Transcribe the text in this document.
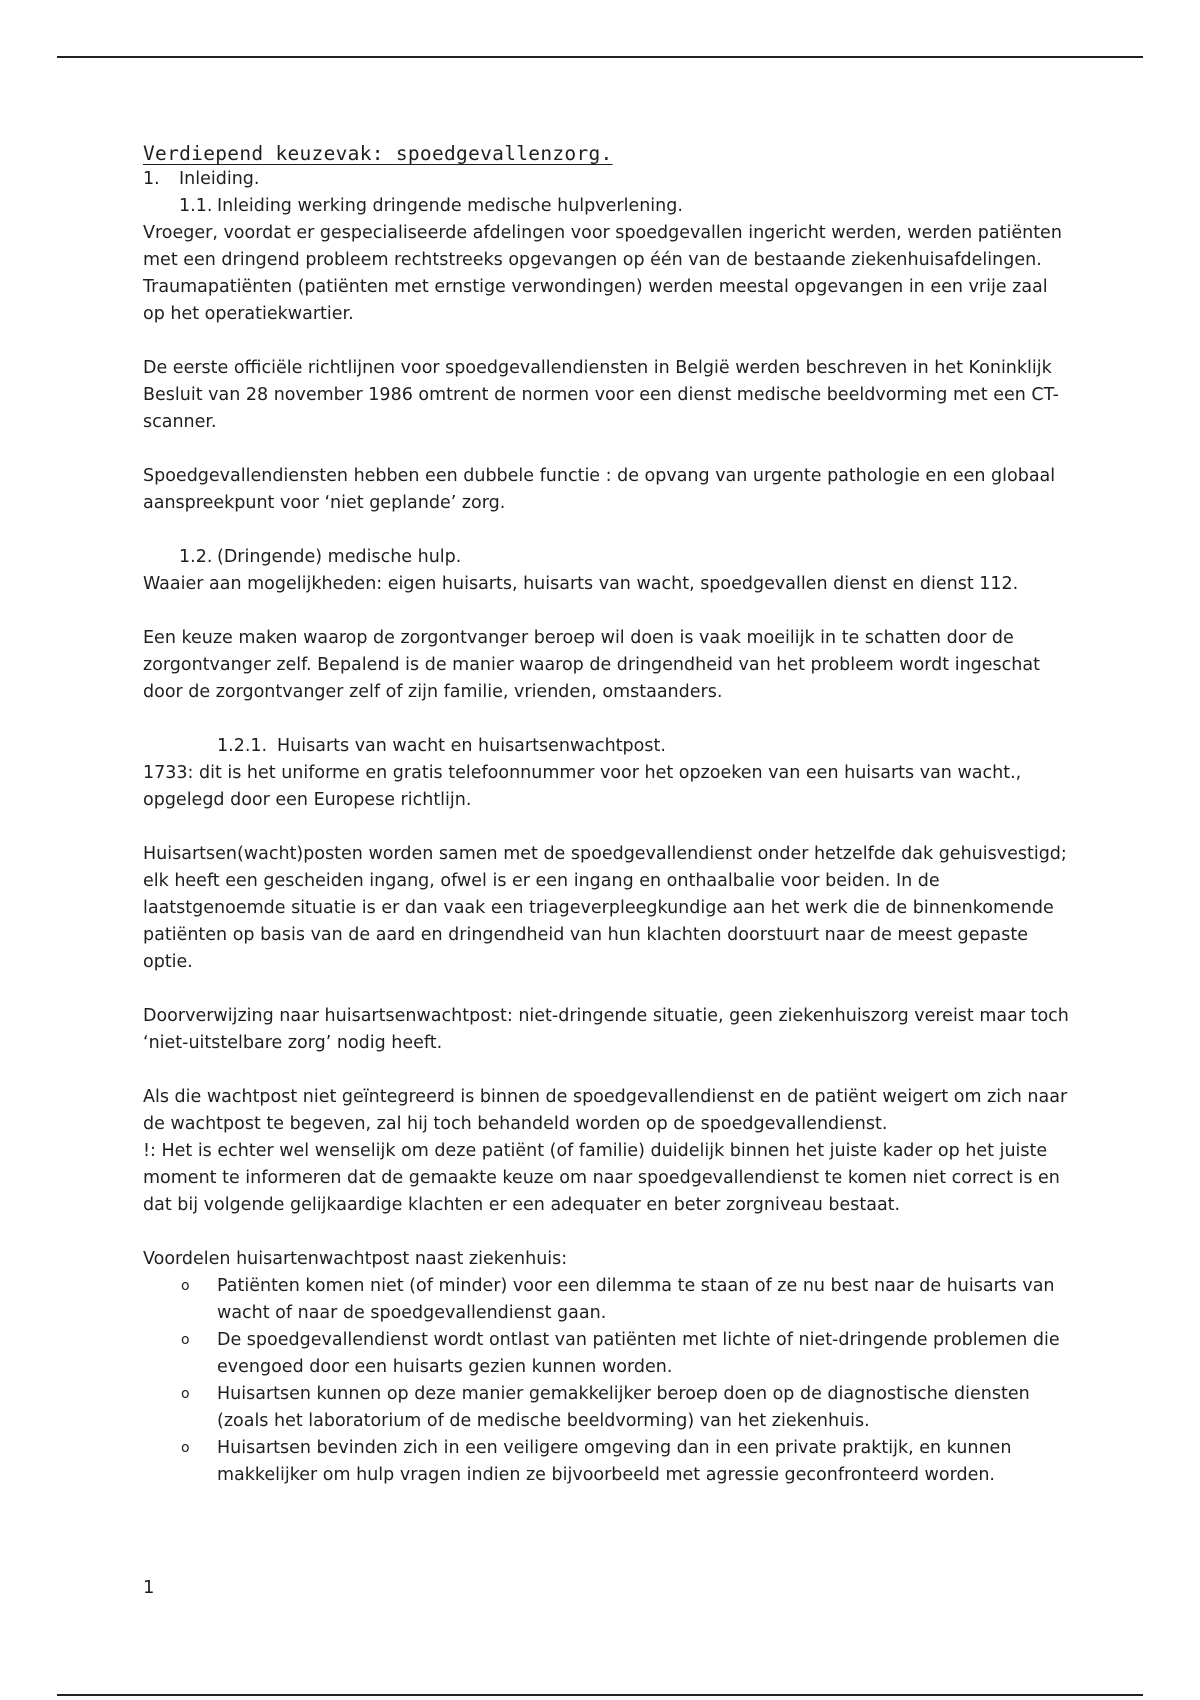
Verdiepend keuzevak: spoedgevallenzorg.
1.	Inleiding.
1.1. Inleiding werking dringende medische hulpverlening.

Vroeger, voordat er gespecialiseerde afdelingen voor spoedgevallen ingericht werden, werden patiënten met een dringend probleem rechtstreeks opgevangen op één van de bestaande ziekenhuisafdelingen. Traumapatiënten (patiënten met ernstige verwondingen) werden meestal opgevangen in een vrije zaal op het operatiekwartier.

De eerste officiële richtlijnen voor spoedgevallendiensten in België werden beschreven in het Koninklijk Besluit van 28 november 1986 omtrent de normen voor een dienst medische beeldvorming met een CT-scanner.

Spoedgevallendiensten hebben een dubbele functie : de opvang van urgente pathologie en een globaal aanspreekpunt voor ‘niet geplande’ zorg.

1.2. (Dringende) medische hulp.

Waaier aan mogelijkheden: eigen huisarts, huisarts van wacht, spoedgevallen dienst en dienst 112.

Een keuze maken waarop de zorgontvanger beroep wil doen is vaak moeilijk in te schatten door de zorgontvanger zelf. Bepalend is de manier waarop de dringendheid van het probleem wordt ingeschat door de zorgontvanger zelf of zijn familie, vrienden, omstaanders.

1.2.1. Huisarts van wacht en huisartsenwachtpost.

1733: dit is het uniforme en gratis telefoonnummer voor het opzoeken van een huisarts van wacht., opgelegd door een Europese richtlijn.

Huisartsen(wacht)posten worden samen met de spoedgevallendienst onder hetzelfde dak gehuisvestigd; elk heeft een gescheiden ingang, ofwel is er een ingang en onthaalbalie voor beiden. In de laatstgenoemde situatie is er dan vaak een triageverpleegkundige aan het werk die de binnenkomende patiënten op basis van de aard en dringendheid van hun klachten doorstuurt naar de meest gepaste optie.

Doorverwijzing naar huisartsenwachtpost: niet-dringende situatie, geen ziekenhuiszorg vereist maar toch ‘niet-uitstelbare zorg’ nodig heeft.

Als die wachtpost niet geïntegreerd is binnen de spoedgevallendienst en de patiënt weigert om zich naar de wachtpost te begeven, zal hij toch behandeld worden op de spoedgevallendienst.

!: Het is echter wel wenselijk om deze patiënt (of familie) duidelijk binnen het juiste kader op het juiste moment te informeren dat de gemaakte keuze om naar spoedgevallendienst te komen niet correct is en dat bij volgende gelijkaardige klachten er een adequater en beter zorgniveau bestaat.

Voordelen huisartenwachtpost naast ziekenhuis:

o	Patiënten komen niet (of minder) voor een dilemma te staan of ze nu best naar de huisarts van wacht of naar de spoedgevallendienst gaan.
o	De spoedgevallendienst wordt ontlast van patiënten met lichte of niet-dringende problemen die evengoed door een huisarts gezien kunnen worden.
o	Huisartsen kunnen op deze manier gemakkelijker beroep doen op de diagnostische diensten (zoals het laboratorium of de medische beeldvorming) van het ziekenhuis.
o	Huisartsen bevinden zich in een veiligere omgeving dan in een private praktijk, en kunnen makkelijker om hulp vragen indien ze bijvoorbeeld met agressie geconfronteerd worden.
1
